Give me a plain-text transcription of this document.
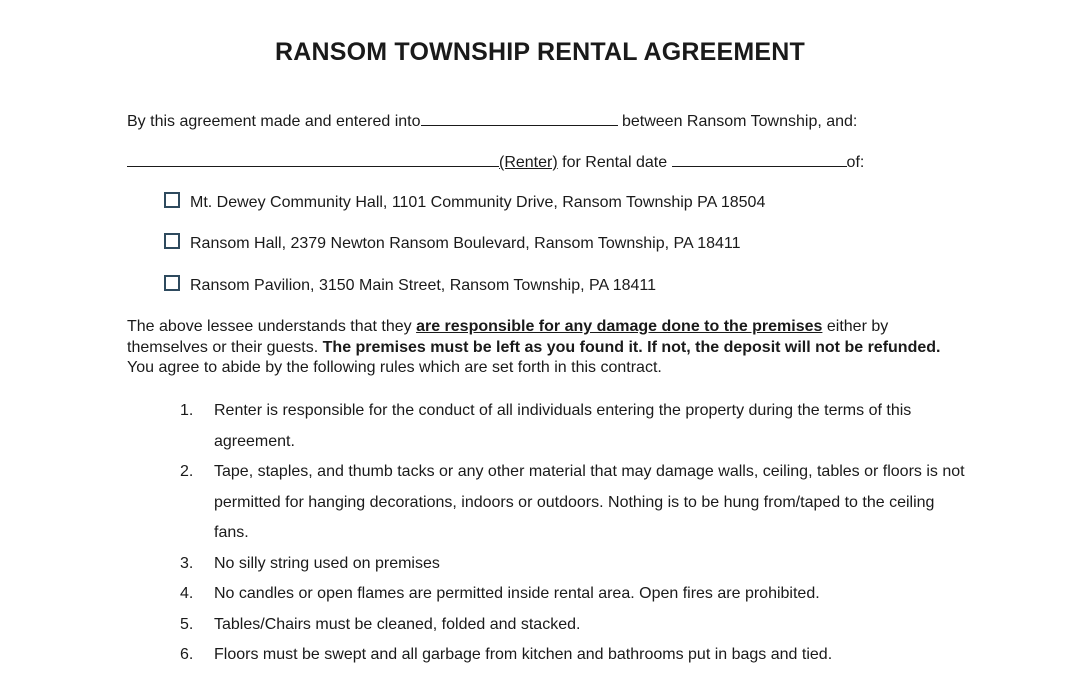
RANSOM TOWNSHIP RENTAL AGREEMENT
By this agreement made and entered into	between Ransom Township, and:
(Renter) for Rental date	of:
Mt. Dewey Community Hall, 1101 Community Drive, Ransom Township PA 18504
Ransom Hall, 2379 Newton Ransom Boulevard, Ransom Township, PA 18411
Ransom Pavilion, 3150 Main Street, Ransom Township, PA 18411
The above lessee understands that they are responsible for any damage done to the premises either by themselves or their guests. The premises must be left as you found it. If not, the deposit will not be refunded. You agree to abide by the following rules which are set forth in this contract.
1. Renter is responsible for the conduct of all individuals entering the property during the terms of this agreement.
2. Tape, staples, and thumb tacks or any other material that may damage walls, ceiling, tables or floors is not permitted for hanging decorations, indoors or outdoors. Nothing is to be hung from/taped to the ceiling fans.
3. No silly string used on premises
4. No candles or open flames are permitted inside rental area. Open fires are prohibited.
5. Tables/Chairs must be cleaned, folded and stacked.
6. Floors must be swept and all garbage from kitchen and bathrooms put in bags and tied.
